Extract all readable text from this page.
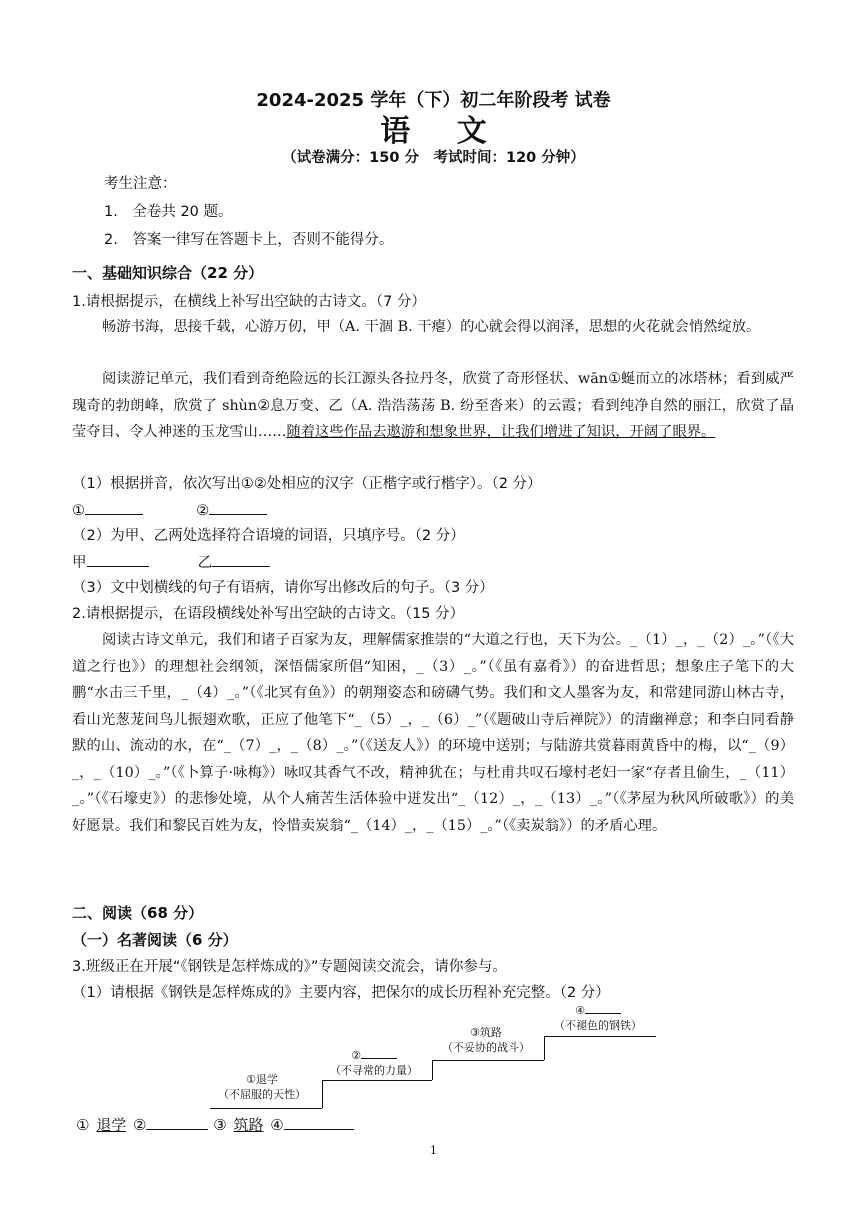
2024-2025 学年（下）初二年阶段考 试卷
语 文
（试卷满分：150 分　考试时间：120 分钟）
考生注意：
1.　全卷共 20 题。
2.　答案一律写在答题卡上，否则不能得分。
一、基础知识综合（22 分）
1.请根据提示，在横线上补写出空缺的古诗文。（7 分）
畅游书海，思接千载，心游万仞，甲（A. 干涸 B. 干瘪）的心就会得以润泽，思想的火花就会悄然绽放。
阅读游记单元，我们看到奇绝险远的长江源头各拉丹冬，欣赏了奇形怪状、wān①蜒而立的冰塔林；看到威严瑰奇的勃朗峰，欣赏了 shùn②息万变、乙（A. 浩浩荡荡 B. 纷至沓来）的云霞；看到纯净自然的丽江，欣赏了晶莹夺目、令人神迷的玉龙雪山……随着这些作品去遨游和想象世界，让我们增进了知识，开阔了眼界。
（1）根据拼音，依次写出①②处相应的汉字（正楷字或行楷字）。（2 分）
①	②
（2）为甲、乙两处选择符合语境的词语，只填序号。（2 分）
甲	乙
（3）文中划横线的句子有语病，请你写出修改后的句子。（3 分）
2.请根据提示，在语段横线处补写出空缺的古诗文。（15 分）
阅读古诗文单元，我们和诸子百家为友，理解儒家推崇的“大道之行也，天下为公。_（1）_，_（2）_。”（《大道之行也》）的理想社会纲领，深悟儒家所倡“知困，_（3）_。”（《虽有嘉肴》）的奋进哲思；想象庄子笔下的大鹏“水击三千里，_（4）_。”（《北冥有鱼》）的朝翔姿态和磅礴气势。我们和文人墨客为友，和常建同游山林古寺，看山光葱茏间鸟儿振翅欢歌，正应了他笔下“_（5）_，_（6）_”（《题破山寺后禅院》）的清幽禅意；和李白同看静默的山、流动的水，在“_（7）_，_（8）_。”（《送友人》）的环境中送别；与陆游共赏暮雨黄昏中的梅，以“_（9）_，_（10）_。”（《卜算子·咏梅》）咏叹其香气不改，精神犹在；与杜甫共叹石壕村老妇一家“存者且偷生，_（11）_。”（《石壕吏》）的悲惨处境，从个人痛苦生活体验中迸发出“_（12）_，_（13）_。”（《茅屋为秋风所破歌》）的美好愿景。我们和黎民百姓为友，怜惜卖炭翁“_（14）_，_（15）_。”（《卖炭翁》）的矛盾心理。
二、阅读（68 分）
（一）名著阅读（6 分）
3.班级正在开展“《钢铁是怎样炼成的》”专题阅读交流会，请你参与。
（1）请根据《钢铁是怎样炼成的》主要内容，把保尔的成长历程补充完整。（2 分）
①退学
（不屈服的天性）
②
（不寻常的力量）
③筑路
（不妥协的战斗）
④
（不褪色的钢铁）
① 退学 ②	③ 筑路 ④
1
